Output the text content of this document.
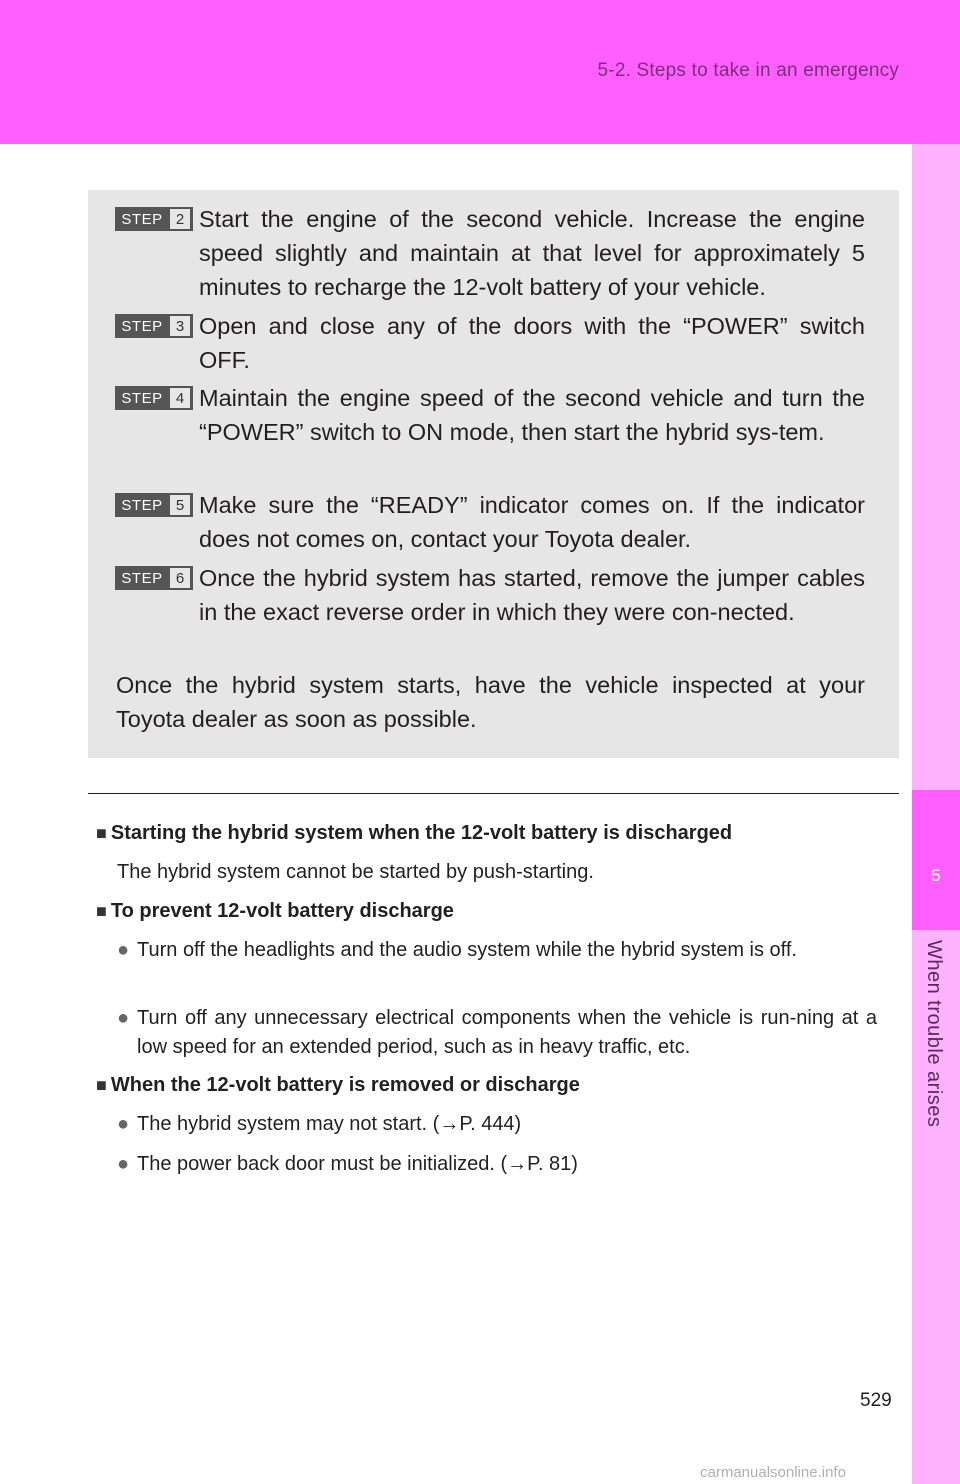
5-2. Steps to take in an emergency
5
When trouble arises
STEP 2 Start the engine of the second vehicle. Increase the engine speed slightly and maintain at that level for approximately 5 minutes to recharge the 12-volt battery of your vehicle.
STEP 3 Open and close any of the doors with the “POWER” switch OFF.
STEP 4 Maintain the engine speed of the second vehicle and turn the “POWER” switch to ON mode, then start the hybrid sys-tem.
STEP 5 Make sure the “READY” indicator comes on. If the indicator does not comes on, contact your Toyota dealer.
STEP 6 Once the hybrid system has started, remove the jumper cables in the exact reverse order in which they were con-nected.
Once the hybrid system starts, have the vehicle inspected at your Toyota dealer as soon as possible.
■ Starting the hybrid system when the 12-volt battery is discharged
The hybrid system cannot be started by push-starting.
■ To prevent 12-volt battery discharge
● Turn off the headlights and the audio system while the hybrid system is off.
● Turn off any unnecessary electrical components when the vehicle is run-ning at a low speed for an extended period, such as in heavy traffic, etc.
■ When the 12-volt battery is removed or discharge
● The hybrid system may not start. (→P. 444)
● The power back door must be initialized. (→P. 81)
529
carmanualsonline.info
